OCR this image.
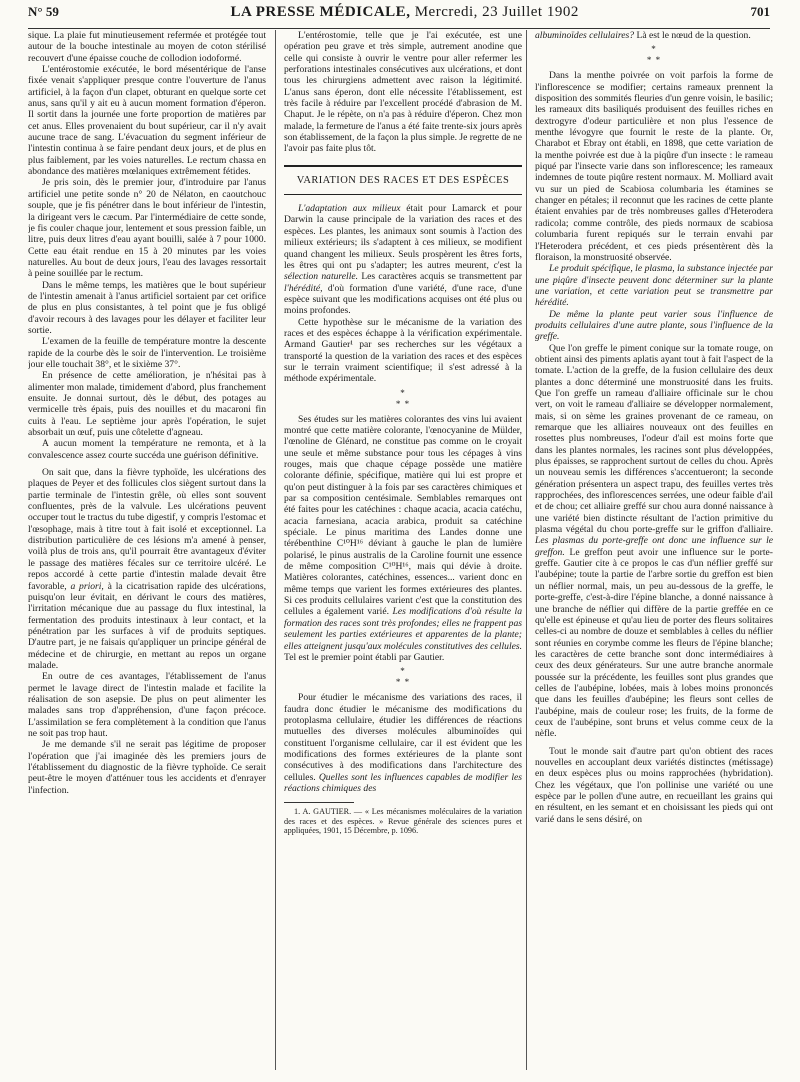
N° 59	LA PRESSE MÉDICALE, Mercredi, 23 Juillet 1902	701

sique. La plaie fut minutieusement refermée et protégée tout autour de la bouche intestinale au moyen de coton stérilisé recouvert d'une épaisse couche de collodion iodoformé.

L'entérostomie exécutée, le bord mésentérique de l'anse fixée venait s'appliquer presque contre l'ouverture de l'anus artificiel, à la façon d'un clapet, obturant en quelque sorte cet anus, sans qu'il y ait eu à aucun moment formation d'éperon. Il sortit dans la journée une forte proportion de matières par cet anus. Elles provenaient du bout supérieur, car il n'y avait aucune trace de sang. L'évacuation du segment inférieur de l'intestin continua à se faire pendant deux jours, et de plus en plus faiblement, par les voies naturelles. Le rectum chassa en abondance des matières mœlaniques extrêmement fétides.

Je pris soin, dès le premier jour, d'introduire par l'anus artificiel une petite sonde n° 20 de Nélaton, en caoutchouc souple, que je fis pénétrer dans le bout inférieur de l'intestin, la dirigeant vers le cæcum. Par l'intermédiaire de cette sonde, je fis couler chaque jour, lentement et sous pression faible, un litre, puis deux litres d'eau ayant bouilli, salée à 7 pour 1000. Cette eau était rendue en 15 à 20 minutes par les voies naturelles. Au bout de deux jours, l'eau des lavages ressortait à peine souillée par le rectum.

Dans le même temps, les matières que le bout supérieur de l'intestin amenait à l'anus artificiel sortaient par cet orifice de plus en plus consistantes, à tel point que je fus obligé d'avoir recours à des lavages pour les délayer et faciliter leur sortie.

L'examen de la feuille de température montre la descente rapide de la courbe dès le soir de l'intervention. Le troisième jour elle touchait 38°, et le sixième 37°.

En présence de cette amélioration, je n'hésitai pas à alimenter mon malade, timidement d'abord, plus franchement ensuite. Je donnai surtout, dès le début, des potages au vermicelle très épais, puis des nouilles et du macaroni fin cuits à l'eau. Le septième jour après l'opération, le sujet absorbait un œuf, puis une côtelette d'agneau.

A aucun moment la température ne remonta, et à la convalescence assez courte succéda une guérison définitive.

On sait que, dans la fièvre typhoïde, les ulcérations des plaques de Peyer et des follicules clos siègent surtout dans la partie terminale de l'intestin grêle, où elles sont souvent confluentes, près de la valvule. Les ulcérations peuvent occuper tout le tractus du tube digestif, y compris l'estomac et l'œsophage, mais à titre tout à fait isolé et exceptionnel. La distribution particulière de ces lésions m'a amené à penser, voilà plus de trois ans, qu'il pourrait être avantageux d'éviter le passage des matières fécales sur ce territoire ulcéré. Le repos accordé à cette partie d'intestin malade devait être favorable, a priori, à la cicatrisation rapide des ulcérations, puisqu'on leur évitait, en dérivant le cours des matières, l'irritation mécanique due au passage du flux intestinal, la fermentation des produits intestinaux à leur contact, et la pénétration par les surfaces à vif de produits septiques. D'autre part, je ne faisais qu'appliquer un principe général de médecine et de chirurgie, en mettant au repos un organe malade.

En outre de ces avantages, l'établissement de l'anus permet le lavage direct de l'intestin malade et facilite la réalisation de son asepsie. De plus on peut alimenter les malades sans trop d'appréhension, d'une façon précoce. L'assimilation se fera complètement à la condition que l'anus ne soit pas trop haut.

Je me demande s'il ne serait pas légitime de proposer l'opération que j'ai imaginée dès les premiers jours de l'établissement du diagnostic de la fièvre typhoïde. Ce serait peut-être le moyen d'atténuer tous les accidents et d'enrayer l'infection.

L'entérostomie, telle que je l'ai exécutée, est une opération peu grave et très simple, autrement anodine que celle qui consiste à ouvrir le ventre pour aller refermer les perforations intestinales consécutives aux ulcérations, et dont tous les chirurgiens admettent avec raison la légitimité. L'anus sans éperon, dont elle nécessite l'établissement, est très facile à réduire par l'excellent procédé d'abrasion de M. Chaput. Je le répète, on n'a pas à réduire d'éperon. Chez mon malade, la fermeture de l'anus a été faite trente-six jours après son établissement, de la façon la plus simple. Je regrette de ne l'avoir pas faite plus tôt.

VARIATION DES RACES ET DES ESPÈCES

L'adaptation aux milieux était pour Lamarck et pour Darwin la cause principale de la variation des races et des espèces. Les plantes, les animaux sont soumis à l'action des milieux extérieurs; ils s'adaptent à ces milieux, se modifient quand changent les milieux. Seuls prospèrent les êtres forts, les êtres qui ont pu s'adapter; les autres meurent, c'est la sélection naturelle. Les caractères acquis se transmettent par l'hérédité, d'où formation d'une variété, d'une race, d'une espèce suivant que les modifications acquises ont été plus ou moins profondes.

Cette hypothèse sur le mécanisme de la variation des races et des espèces échappe à la vérification expérimentale. Armand Gautier¹ par ses recherches sur les végétaux a transporté la question de la variation des races et des espèces sur le terrain vraiment scientifique; il s'est adressé à la méthode expérimentale.

*
* *

Ses études sur les matières colorantes des vins lui avaient montré que cette matière colorante, l'œnocyanine de Mülder, l'œnoline de Glénard, ne constitue pas comme on le croyait une seule et même substance pour tous les cépages à vins rouges, mais que chaque cépage possède une matière colorante définie, spécifique, matière qui lui est propre et qu'on peut distinguer à la fois par ses caractères chimiques et par sa composition centésimale. Semblables remarques ont été faites pour les catéchines : chaque acacia, acacia catéchu, acacia farnesiana, acacia arabica, produit sa catéchine spéciale. Le pinus maritima des Landes donne une térébenthine C¹⁰H¹⁶ déviant à gauche le plan de lumière polarisé, le pinus australis de la Caroline fournit une essence de même composition C¹⁰H¹⁶, mais qui dévie à droite. Matières colorantes, catéchines, essences... varient donc en même temps que varient les formes extérieures des plantes. Si ces produits cellulaires varient c'est que la constitution des cellules a également varié. Les modifications d'où résulte la formation des races sont très profondes; elles ne frappent pas seulement les parties extérieures et apparentes de la plante; elles atteignent jusqu'aux molécules constitutives des cellules. Tel est le premier point établi par Gautier.

*
* *

Pour étudier le mécanisme des variations des races, il faudra donc étudier le mécanisme des modifications du protoplasma cellulaire, étudier les différences de réactions mutuelles des diverses molécules albuminoïdes qui constituent l'organisme cellulaire, car il est évident que les modifications des formes extérieures de la plante sont consécutives à des modifications dans l'architecture des cellules. Quelles sont les influences capables de modifier les réactions chimiques des

1. A. GAUTIER. — « Les mécanismes moléculaires de la variation des races et des espèces. » Revue générale des sciences pures et appliquées, 1901, 15 Décembre, p. 1096.

albuminoïdes cellulaires? Là est le nœud de la question.

*
* *

Dans la menthe poivrée on voit parfois la forme de l'inflorescence se modifier; certains rameaux prennent la disposition des sommités fleuries d'un genre voisin, le basilic; les rameaux dits basiliqués produisent des feuilles riches en dextrogyre d'odeur particulière et non plus l'essence de menthe lévogyre que fournit le reste de la plante. Or, Charabot et Ebray ont établi, en 1898, que cette variation de la menthe poivrée est due à la piqûre d'un insecte : le rameau piqué par l'insecte varie dans son inflorescence; les rameaux indemnes de toute piqûre restent normaux. M. Molliard avait vu sur un pied de Scabiosa columbaria les étamines se changer en pétales; il reconnut que les racines de cette plante étaient envahies par de très nombreuses galles d'Heterodera radicola; comme contrôle, des pieds normaux de scabiosa columbaria furent repiqués sur le terrain envahi par l'Heterodera précédent, et ces pieds présentèrent dès la floraison, la monstruosité observée.

Le produit spécifique, le plasma, la substance injectée par une piqûre d'insecte peuvent donc déterminer sur la plante une variation, et cette variation peut se transmettre par hérédité.

De même la plante peut varier sous l'influence de produits cellulaires d'une autre plante, sous l'influence de la greffe.

Que l'on greffe le piment conique sur la tomate rouge, on obtient ainsi des piments aplatis ayant tout à fait l'aspect de la tomate. L'action de la greffe, de la fusion cellulaire des deux plantes a donc déterminé une monstruosité dans les fruits. Que l'on greffe un rameau d'alliaire officinale sur le chou vert, on voit le rameau d'alliaire se développer normalement, mais, si on sème les graines provenant de ce rameau, on remarque que les alliaires nouveaux ont des feuilles en rosettes plus nombreuses, l'odeur d'ail est moins forte que dans les plantes normales, les racines sont plus développées, plus épaisses, se rapprochent surtout de celles du chou. Après un nouveau semis les différences s'accentueront; la seconde génération présentera un aspect trapu, des feuilles vertes très rapprochées, des inflorescences serrées, une odeur faible d'ail et de chou; cet alliaire greffé sur chou aura donné naissance à une variété bien distincte résultant de l'action primitive du plasma végétal du chou porte-greffe sur le griffon d'alliaire. Les plasmas du porte-greffe ont donc une influence sur le greffon. Le greffon peut avoir une influence sur le porte-greffe. Gautier cite à ce propos le cas d'un néflier greffé sur l'aubépine; toute la partie de l'arbre sortie du greffon est bien un néflier normal, mais, un peu au-dessous de la greffe, le porte-greffe, c'est-à-dire l'épine blanche, a donné naissance à une branche de néflier qui diffère de la partie greffée en ce qu'elle est épineuse et qu'au lieu de porter des fleurs solitaires celles-ci au nombre de douze et semblables à celles du néflier sont réunies en corymbe comme les fleurs de l'épine blanche; les caractères de cette branche sont donc intermédiaires à ceux des deux générateurs. Sur une autre branche anormale poussée sur la précédente, les feuilles sont plus grandes que celles de l'aubépine, lobées, mais à lobes moins prononcés que dans les feuilles d'aubépine; les fleurs sont celles de l'aubépine, mais de couleur rose; les fruits, de la forme de ceux de l'aubépine, sont bruns et velus comme ceux de la nèfle.

Tout le monde sait d'autre part qu'on obtient des races nouvelles en accouplant deux variétés distinctes (métissage) en deux espèces plus ou moins rapprochées (hybridation). Chez les végétaux, que l'on pollinise une variété ou une espèce par le pollen d'une autre, en recueillant les grains qui en résultent, en les semant et en choisissant les pieds qui ont varié dans le sens désiré, on
